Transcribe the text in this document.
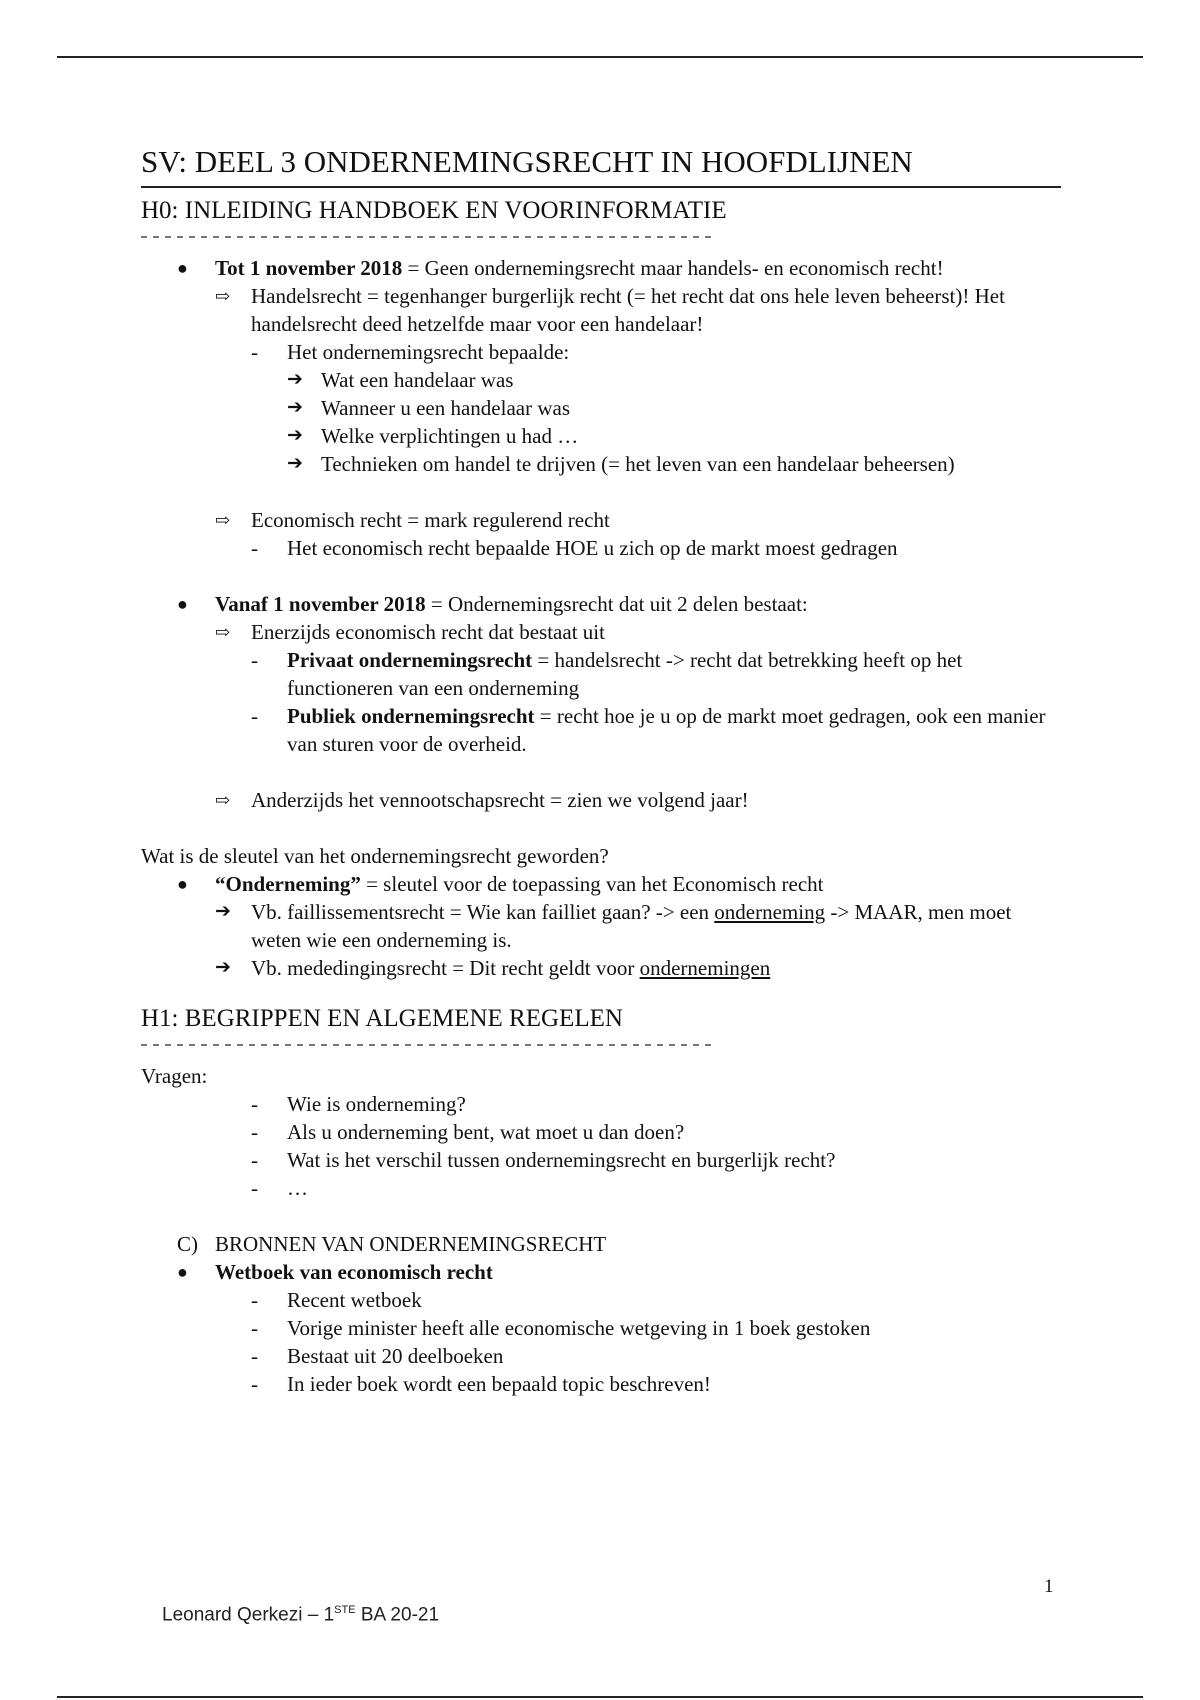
SV: DEEL 3 ONDERNEMINGSRECHT IN HOOFDLIJNEN
H0: INLEIDING HANDBOEK EN VOORINFORMATIE
●	Tot 1 november 2018 = Geen ondernemingsrecht maar handels- en economisch recht!
⇨ Handelsrecht = tegenhanger burgerlijk recht (= het recht dat ons hele leven beheerst)! Het handelsrecht deed hetzelfde maar voor een handelaar!
-	Het ondernemingsrecht bepaalde:
➔ Wat een handelaar was
➔ Wanneer u een handelaar was
➔ Welke verplichtingen u had …
➔ Technieken om handel te drijven (= het leven van een handelaar beheersen)
⇨ Economisch recht = mark regulerend recht
-	Het economisch recht bepaalde HOE u zich op de markt moest gedragen
●	Vanaf 1 november 2018 = Ondernemingsrecht dat uit 2 delen bestaat:
⇨ Enerzijds economisch recht dat bestaat uit
-	Privaat ondernemingsrecht = handelsrecht -> recht dat betrekking heeft op het functioneren van een onderneming
-	Publiek ondernemingsrecht = recht hoe je u op de markt moet gedragen, ook een manier van sturen voor de overheid.
⇨ Anderzijds het vennootschapsrecht = zien we volgend jaar!
Wat is de sleutel van het ondernemingsrecht geworden?
●	“Onderneming” = sleutel voor de toepassing van het Economisch recht
➔ Vb. faillissementsrecht = Wie kan failliet gaan? -> een onderneming -> MAAR, men moet weten wie een onderneming is.
➔ Vb. mededingingsrecht = Dit recht geldt voor ondernemingen
H1: BEGRIPPEN EN ALGEMENE REGELEN
Vragen:
-	Wie is onderneming?
-	Als u onderneming bent, wat moet u dan doen?
-	Wat is het verschil tussen ondernemingsrecht en burgerlijk recht?
-	…
C) BRONNEN VAN ONDERNEMINGSRECHT
●	Wetboek van economisch recht
-	Recent wetboek
-	Vorige minister heeft alle economische wetgeving in 1 boek gestoken
-	Bestaat uit 20 deelboeken
-	In ieder boek wordt een bepaald topic beschreven!
1
Leonard Qerkezi – 1STE BA 20-21
